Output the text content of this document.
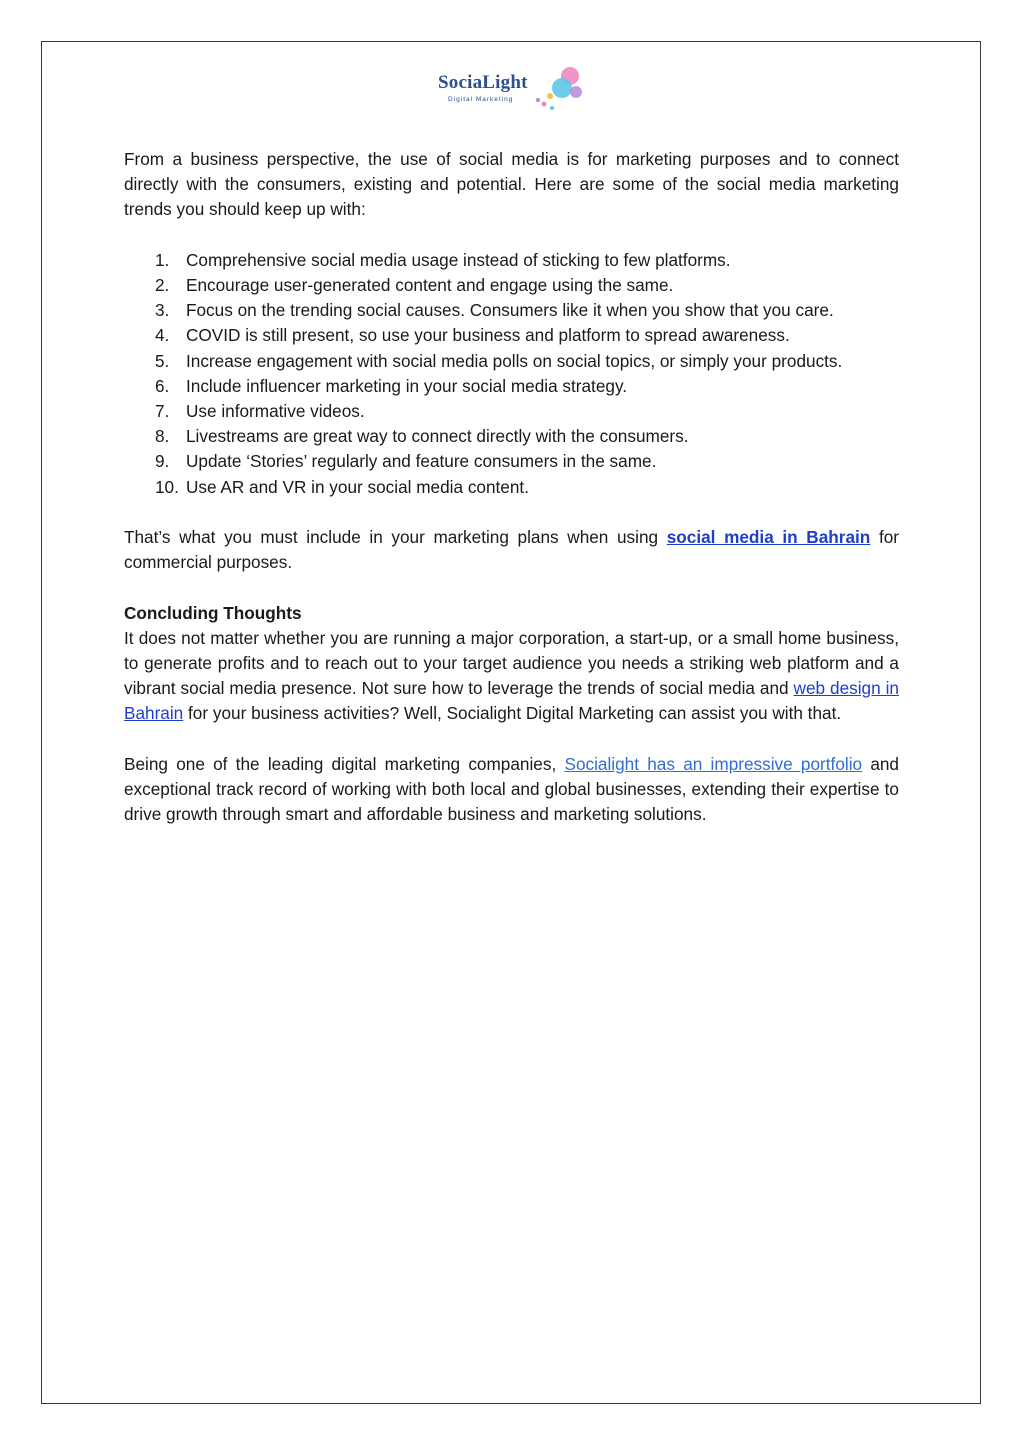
SociaLight
Digital Marketing

From a business perspective, the use of social media is for marketing purposes and to connect directly with the consumers, existing and potential. Here are some of the social media marketing trends you should keep up with:

1. Comprehensive social media usage instead of sticking to few platforms.
2. Encourage user-generated content and engage using the same.
3. Focus on the trending social causes. Consumers like it when you show that you care.
4. COVID is still present, so use your business and platform to spread awareness.
5. Increase engagement with social media polls on social topics, or simply your products.
6. Include influencer marketing in your social media strategy.
7. Use informative videos.
8. Livestreams are great way to connect directly with the consumers.
9. Update ‘Stories’ regularly and feature consumers in the same.
10. Use AR and VR in your social media content.

That’s what you must include in your marketing plans when using social media in Bahrain for commercial purposes.

Concluding Thoughts

It does not matter whether you are running a major corporation, a start-up, or a small home business, to generate profits and to reach out to your target audience you needs a striking web platform and a vibrant social media presence. Not sure how to leverage the trends of social media and web design in Bahrain for your business activities? Well, Socialight Digital Marketing can assist you with that.

Being one of the leading digital marketing companies, Socialight has an impressive portfolio and exceptional track record of working with both local and global businesses, extending their expertise to drive growth through smart and affordable business and marketing solutions.
